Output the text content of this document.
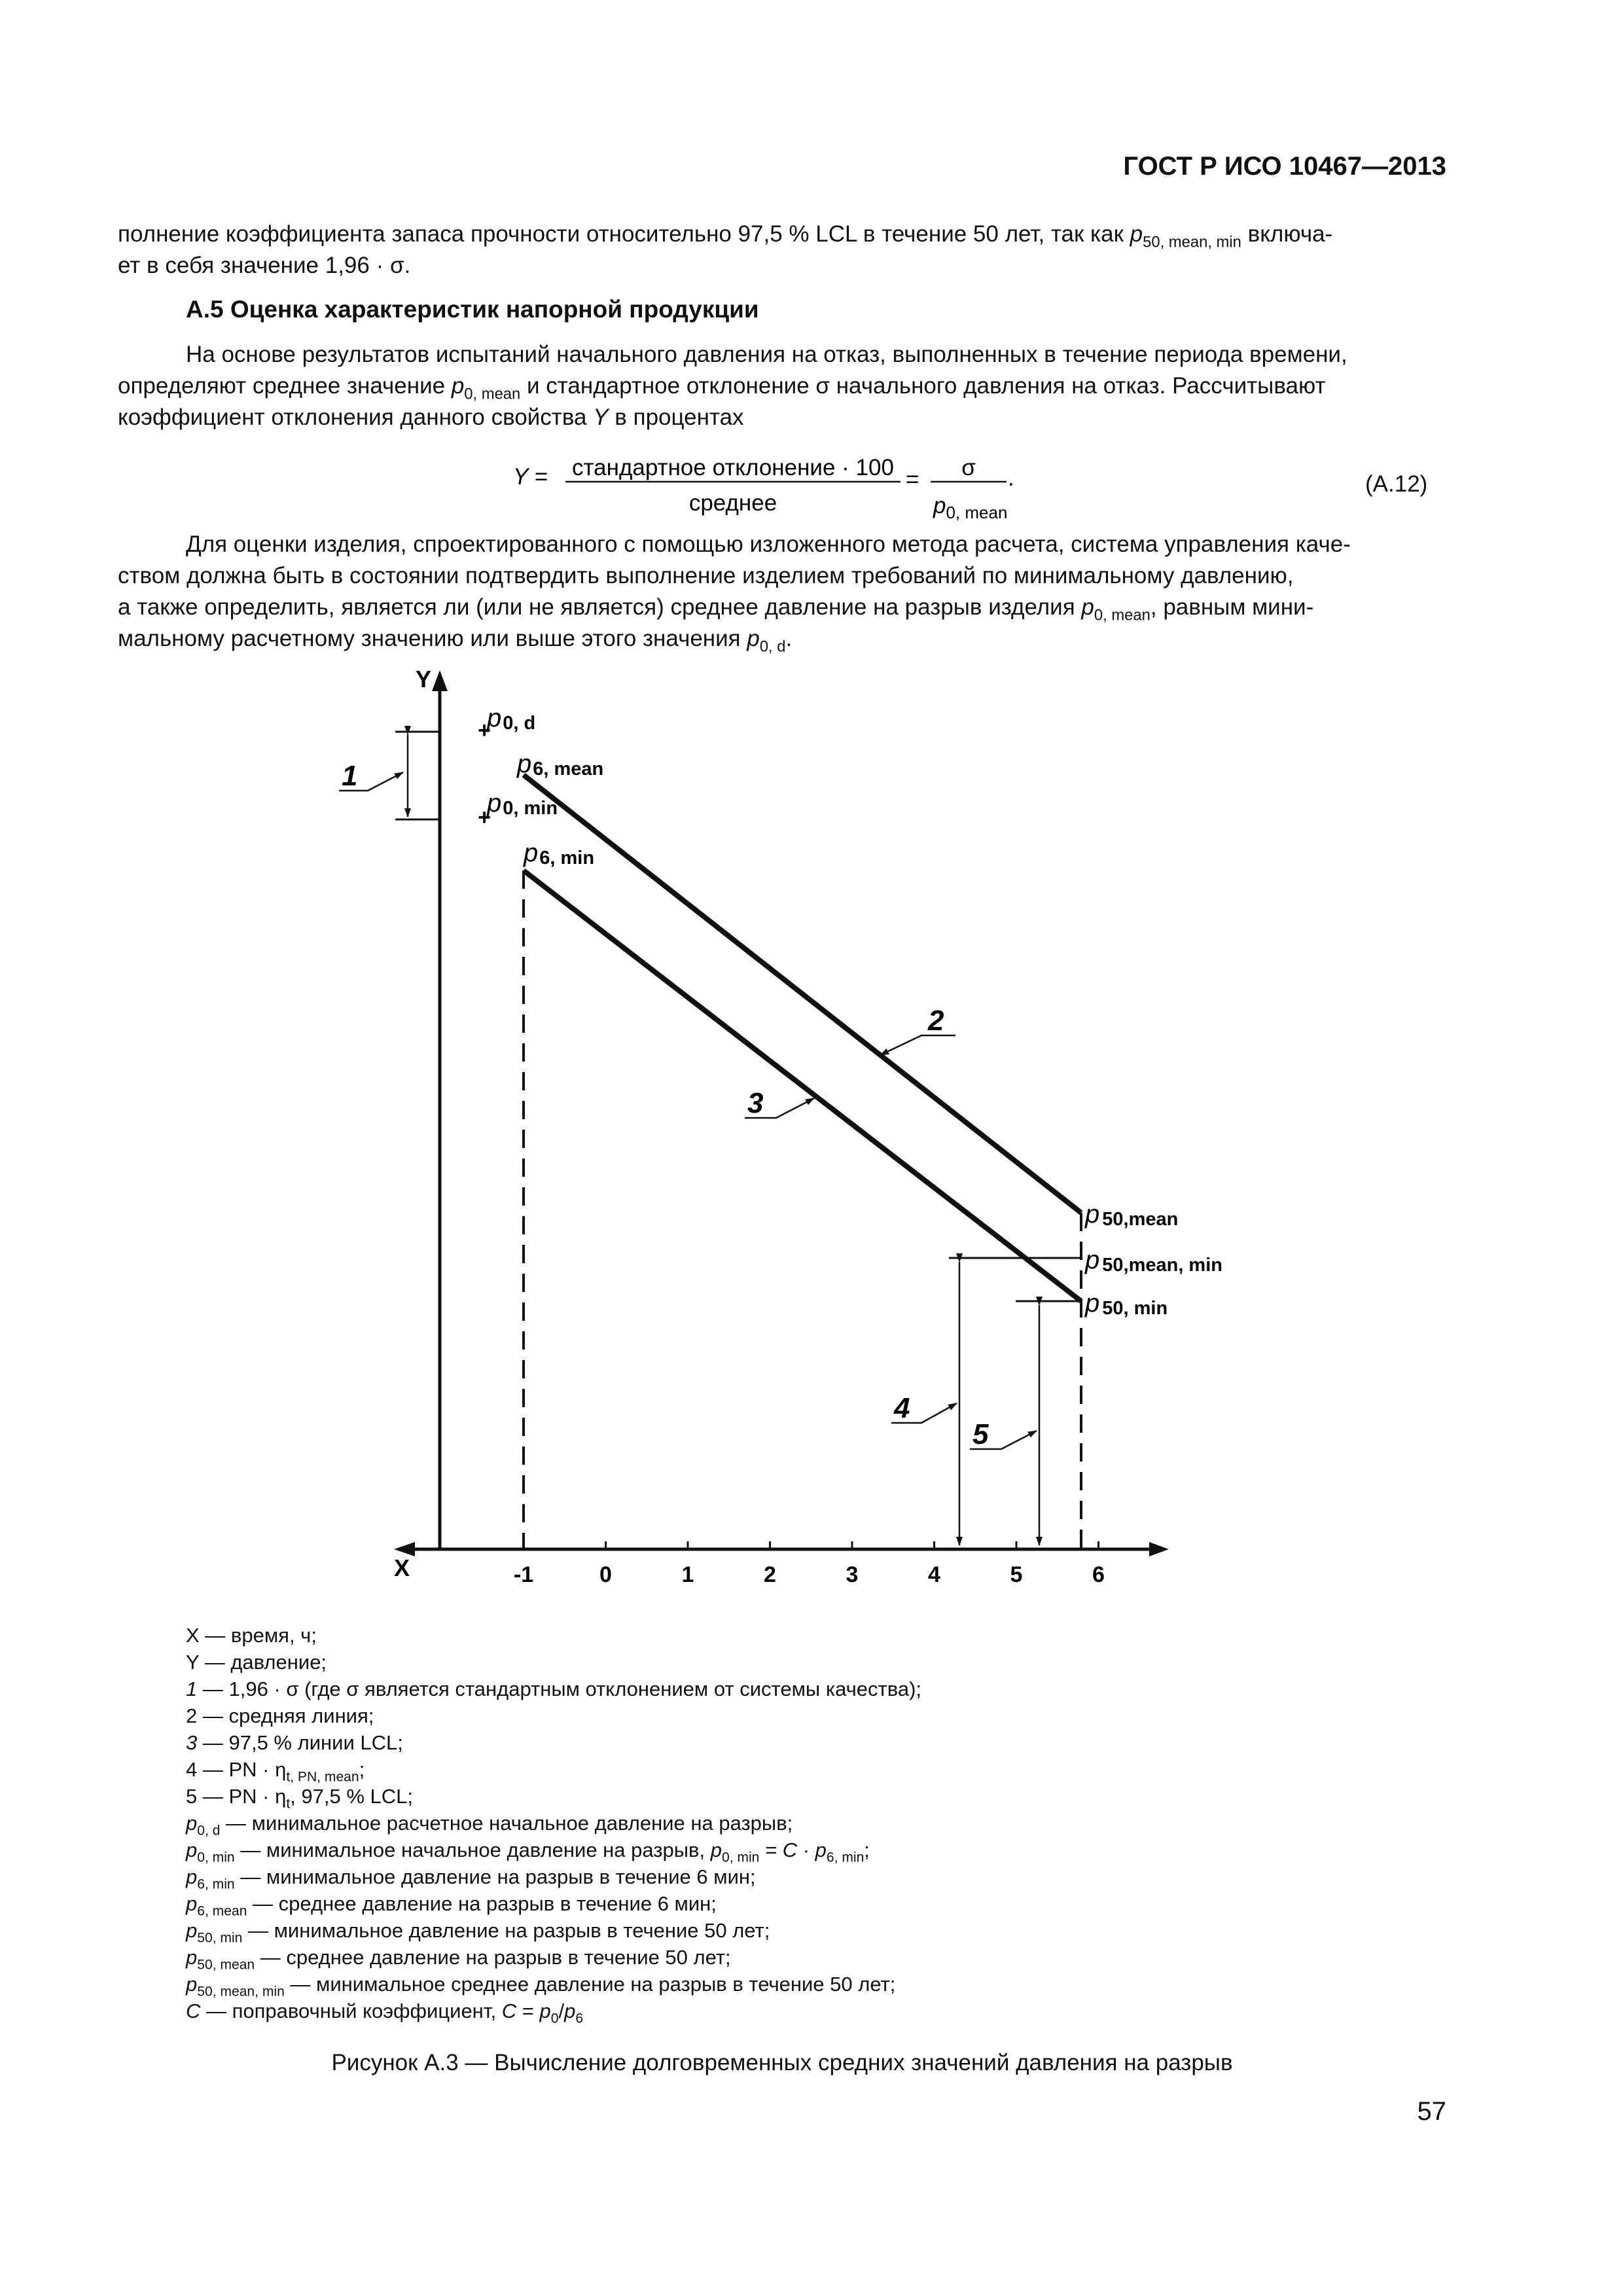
ГОСТ Р ИСО 10467—2013
полнение коэффициента запаса прочности относительно 97,5 % LCL в течение 50 лет, так как $p_{50, mean, min}$ включа-
ет в себя значение 1,96 · σ.
А.5 Оценка характеристик напорной продукции
На основе результатов испытаний начального давления на отказ, выполненных в течение периода времени,
определяют среднее значение $p_{0, mean}$ и стандартное отклонение σ начального давления на отказ. Рассчитывают
коэффициент отклонения данного свойства Y в процентах
Y = стандартное отклонение · 100
среднее
= σ
$p_{0, mean}$
.	(А.12)
Для оценки изделия, спроектированного с помощью изложенного метода расчета, система управления каче-
ством должна быть в состоянии подтвердить выполнение изделием требований по минимальному давлению,
а также определить, является ли (или не является) среднее давление на разрыв изделия $p_{0, mean}$, равным мини-
мальному расчетному значению или выше этого значения $p_{0, d}$.
Y
X	-1	0	1	2	3	4	5	6
+
+
p0, d
p0, min
1	p6, mean
p6, min
2
3
p 50,mean
p 50,mean, min
p 50, min
4
5
X — время, ч;
Y — давление;
1 — 1,96 · σ (где σ является стандартным отклонением от системы качества);
2 — средняя линия;
3 — 97,5 % линии LCL;
4 — PN · $\eta_{t, PN, mean}$;
5 — PN · $\eta_t$, 97,5 % LCL;
$p_{0, d}$ — минимальное расчетное начальное давление на разрыв;
$p_{0, min}$ — минимальное начальное давление на разрыв, $p_{0, min} = C \cdot p_{6, min}$;
$p_{6, min}$ — минимальное давление на разрыв в течение 6 мин;
$p_{6, mean}$ — среднее давление на разрыв в течение 6 мин;
$p_{50, min}$ — минимальное давление на разрыв в течение 50 лет;
$p_{50, mean}$ — среднее давление на разрыв в течение 50 лет;
$p_{50, mean, min}$ — минимальное среднее давление на разрыв в течение 50 лет;
C — поправочный коэффициент, $C = p_0/p_6$
Рисунок А.3 — Вычисление долговременных средних значений давления на разрыв
57
